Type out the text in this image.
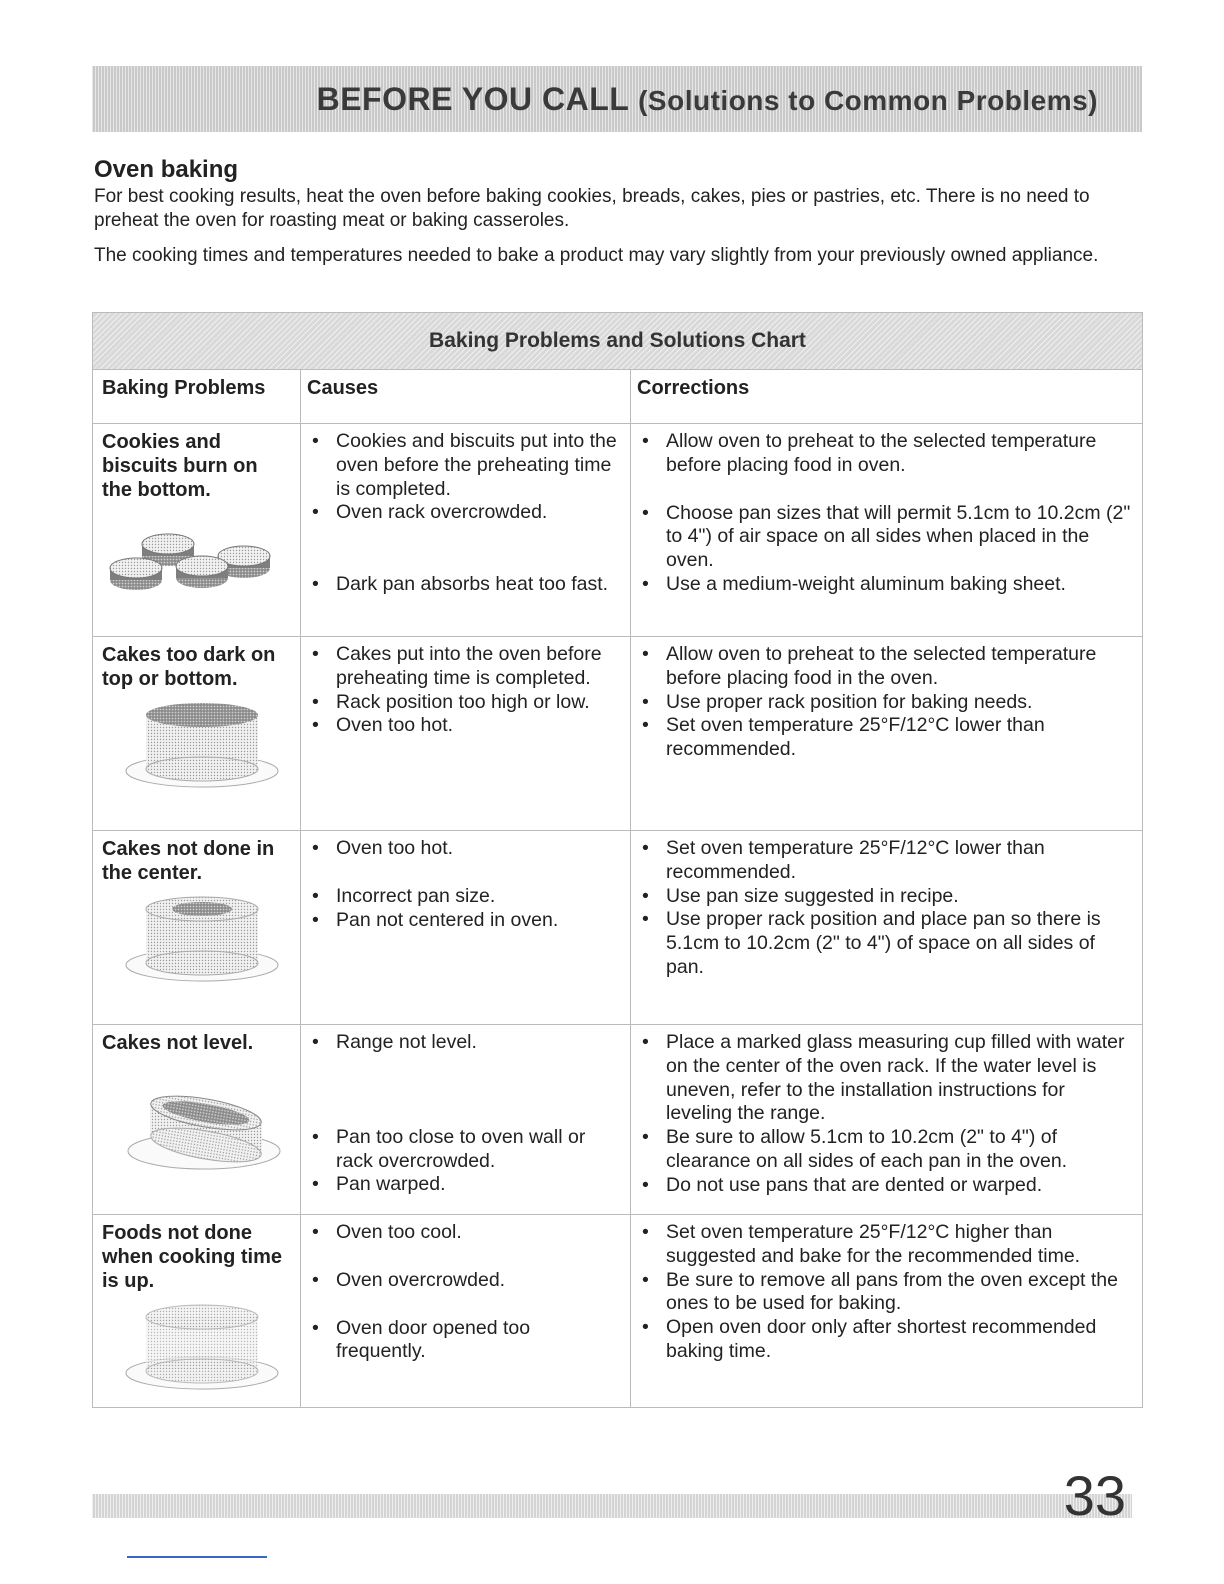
BEFORE YOU CALL (Solutions to Common Problems)
Oven baking

For best cooking results, heat the oven before baking cookies, breads, cakes, pies or pastries, etc. There is no need to preheat the oven for roasting meat or baking casseroles.

The cooking times and temperatures needed to bake a product may vary slightly from your previously owned appliance.

Baking Problems and Solutions Chart
Baking Problems	Causes	Corrections
Cookies and biscuits burn on the bottom.
• Cookies and biscuits put into the oven before the preheating time is completed.
• Oven rack overcrowded.
• Dark pan absorbs heat too fast.
• Allow oven to preheat to the selected temperature before placing food in oven.
• Choose pan sizes that will permit 5.1cm to 10.2cm (2" to 4") of air space on all sides when placed in the oven.
• Use a medium-weight aluminum baking sheet.
Cakes too dark on top or bottom.
• Cakes put into the oven before preheating time is completed.
• Rack position too high or low.
• Oven too hot.
• Allow oven to preheat to the selected temperature before placing food in the oven.
• Use proper rack position for baking needs.
• Set oven temperature 25°F/12°C lower than recommended.
Cakes not done in the center.
• Oven too hot.
• Incorrect pan size.
• Pan not centered in oven.
• Set oven temperature 25°F/12°C lower than recommended.
• Use pan size suggested in recipe.
• Use proper rack position and place pan so there is 5.1cm to 10.2cm (2" to 4") of space on all sides of pan.
Cakes not level.
•	Range not level.
• Pan too close to oven wall or rack overcrowded.
• Pan warped.
• Place a marked glass measuring cup filled with water on the center of the oven rack. If the water level is uneven, refer to the installation instructions for leveling the range.
• Be sure to allow 5.1cm to 10.2cm (2" to 4") of clearance on all sides of each pan in the oven.
• Do not use pans that are dented or warped.
Foods not done when cooking time is up.
• Oven too cool.
• Oven overcrowded.
• Oven door opened too frequently.
• Set oven temperature 25°F/12°C higher than suggested and bake for the recommended time.
• Be sure to remove all pans from the oven except the ones to be used for baking.
• Open oven door only after shortest recommended baking time.
33
